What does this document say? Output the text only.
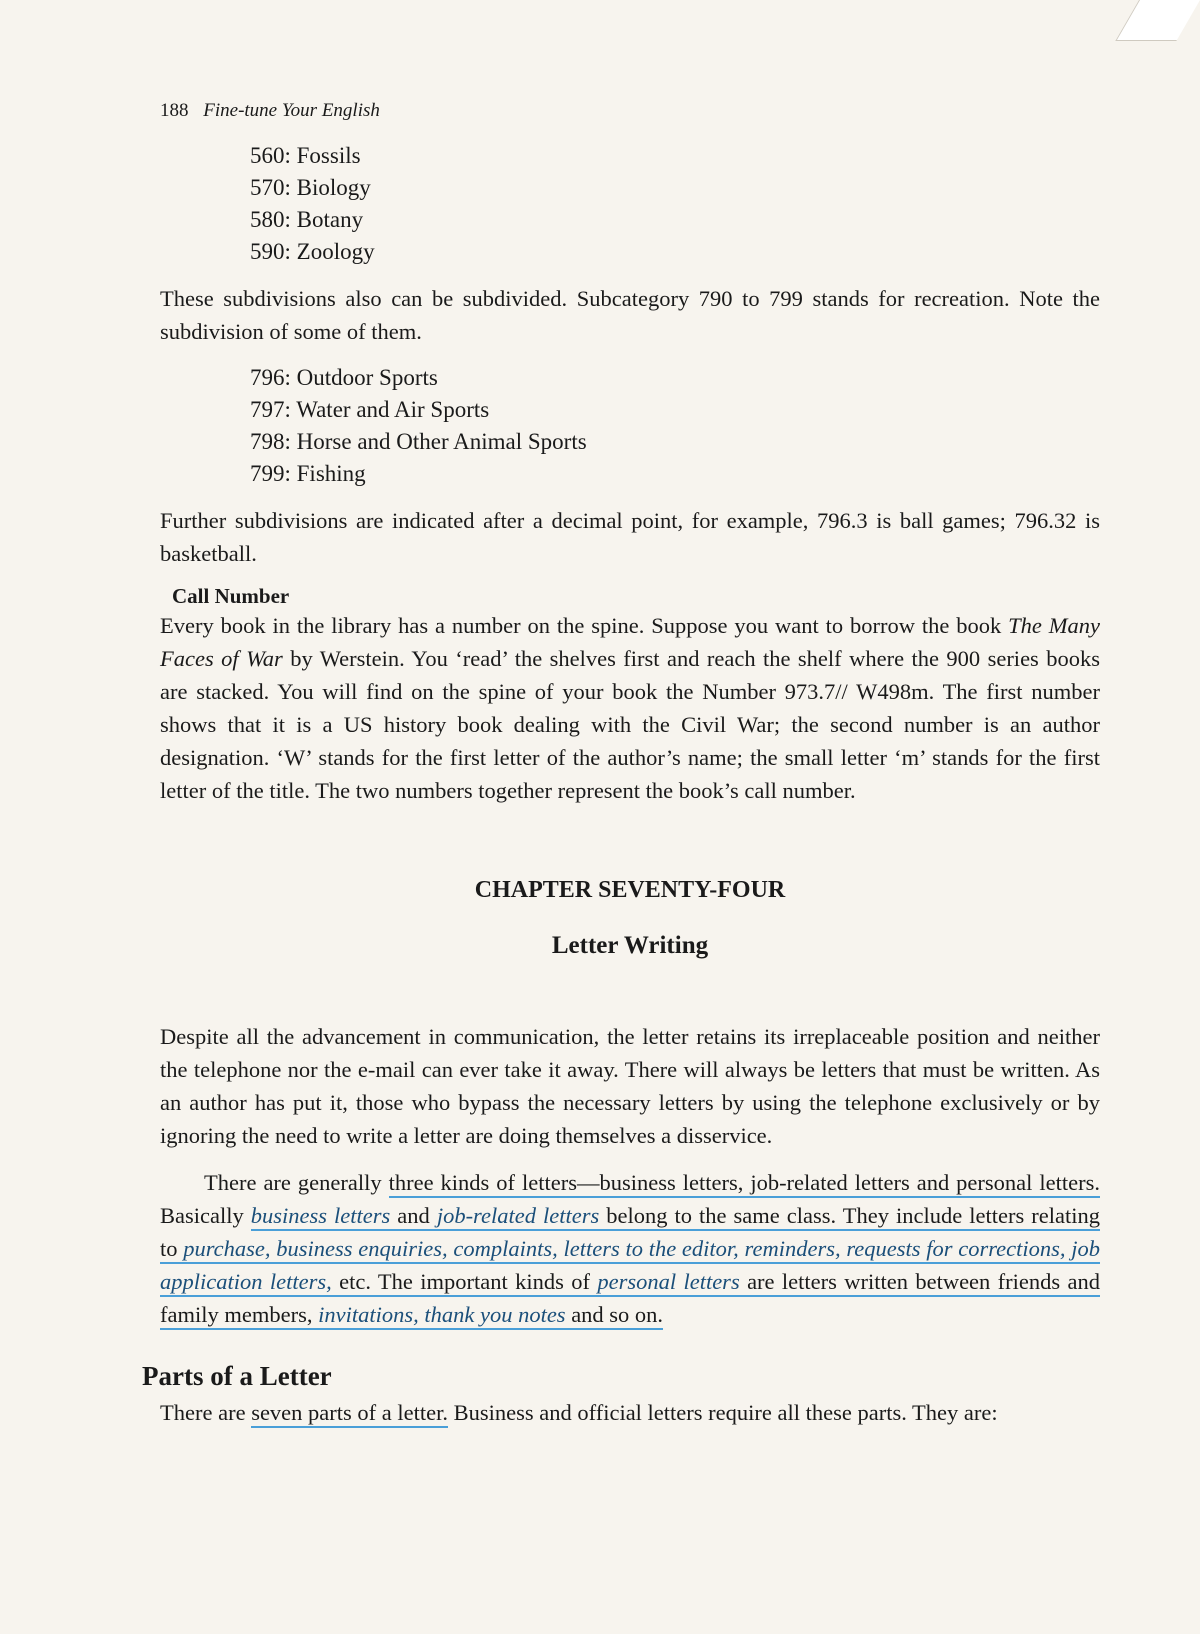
188 Fine-tune Your English
560: Fossils
570: Biology
580: Botany
590: Zoology

These subdivisions also can be subdivided. Subcategory 790 to 799 stands for recreation. Note the subdivision of some of them.

796: Outdoor Sports
797: Water and Air Sports
798: Horse and Other Animal Sports
799: Fishing

Further subdivisions are indicated after a decimal point, for example, 796.3 is ball games; 796.32 is basketball.

Call Number

Every book in the library has a number on the spine. Suppose you want to borrow the book The Many Faces of War by Werstein. You ‘read’ the shelves first and reach the shelf where the 900 series books are stacked. You will find on the spine of your book the Number 973.7// W498m. The first number shows that it is a US history book dealing with the Civil War; the second number is an author designation. ‘W’ stands for the first letter of the author’s name; the small letter ‘m’ stands for the first letter of the title. The two numbers together represent the book’s call number.

CHAPTER SEVENTY-FOUR
Letter Writing

Despite all the advancement in communication, the letter retains its irreplaceable position and neither the telephone nor the e-mail can ever take it away. There will always be letters that must be written. As an author has put it, those who bypass the necessary letters by using the telephone exclusively or by ignoring the need to write a letter are doing themselves a disservice.

There are generally three kinds of letters—business letters, job-related letters and personal letters. Basically business letters and job-related letters belong to the same class. They include letters relating to purchase, business enquiries, complaints, letters to the editor, reminders, requests for corrections, job application letters, etc. The important kinds of personal letters are letters written between friends and family members, invitations, thank you notes and so on.

Parts of a Letter

There are seven parts of a letter. Business and official letters require all these parts. They are:
